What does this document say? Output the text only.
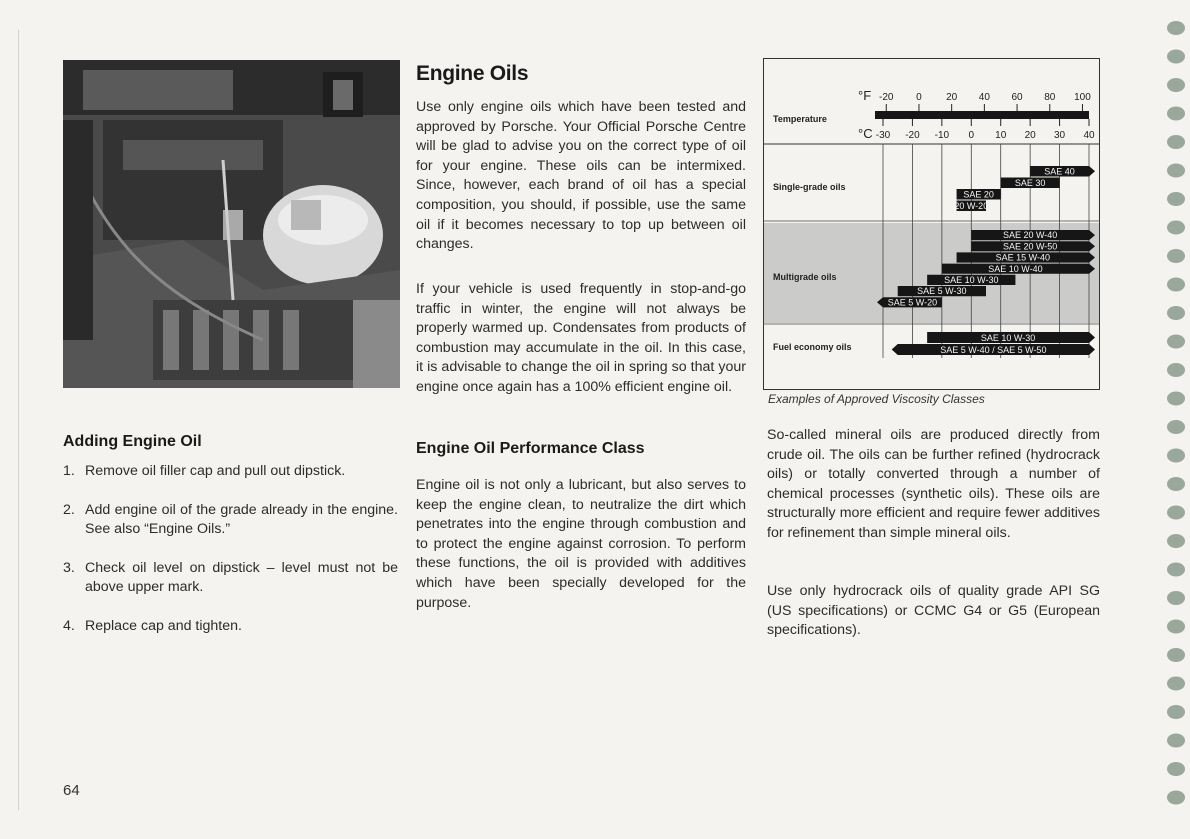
Adding Engine Oil
1. Remove oil filler cap and pull out dipstick.
2. Add engine oil of the grade already in the engine. See also “Engine Oils.”
3. Check oil level on dipstick – level must not be above upper mark.
4. Replace cap and tighten.
Engine Oils

Use only engine oils which have been tested and approved by Porsche. Your Official Porsche Centre will be glad to advise you on the correct type of oil for your engine. These oils can be intermixed. Since, however, each brand of oil has a special composition, you should, if possible, use the same oil if it becomes necessary to top up between oil changes.

If your vehicle is used frequently in stop-and-go traffic in winter, the engine will not always be properly warmed up. Condensates from products of combustion may accumulate in the oil. In this case, it is advisable to change the oil in spring so that your engine once again has a 100% efficient engine oil.

Engine Oil Performance Class

Engine oil is not only a lubricant, but also serves to keep the engine clean, to neutralize the dirt which penetrates into the engine through combustion and to protect the engine against corrosion. To perform these functions, the oil is provided with additives which have been specially developed for the purpose.

Temperature
°F
°C
-20 0 20 40 60 80 100
-30 -20 -10 0 10 20 30 40
Single-grade oils
SAE 40
SAE 30
SAE 20
20 W-20
Multigrade oils
SAE 20 W-40
SAE 20 W-50
SAE 15 W-40
SAE 10 W-40
SAE 10 W-30
SAE 5 W-30
SAE 5 W-20
Fuel economy oils
SAE 10 W-30
SAE 5 W-40 / SAE 5 W-50
Examples of Approved Viscosity Classes

So-called mineral oils are produced directly from crude oil. The oils can be further refined (hydrocrack oils) or totally converted through a number of chemical processes (synthetic oils). These oils are structurally more efficient and require fewer additives for refinement than simple mineral oils.

Use only hydrocrack oils of quality grade API SG (US specifications) or CCMC G4 or G5 (European specifications).

64
